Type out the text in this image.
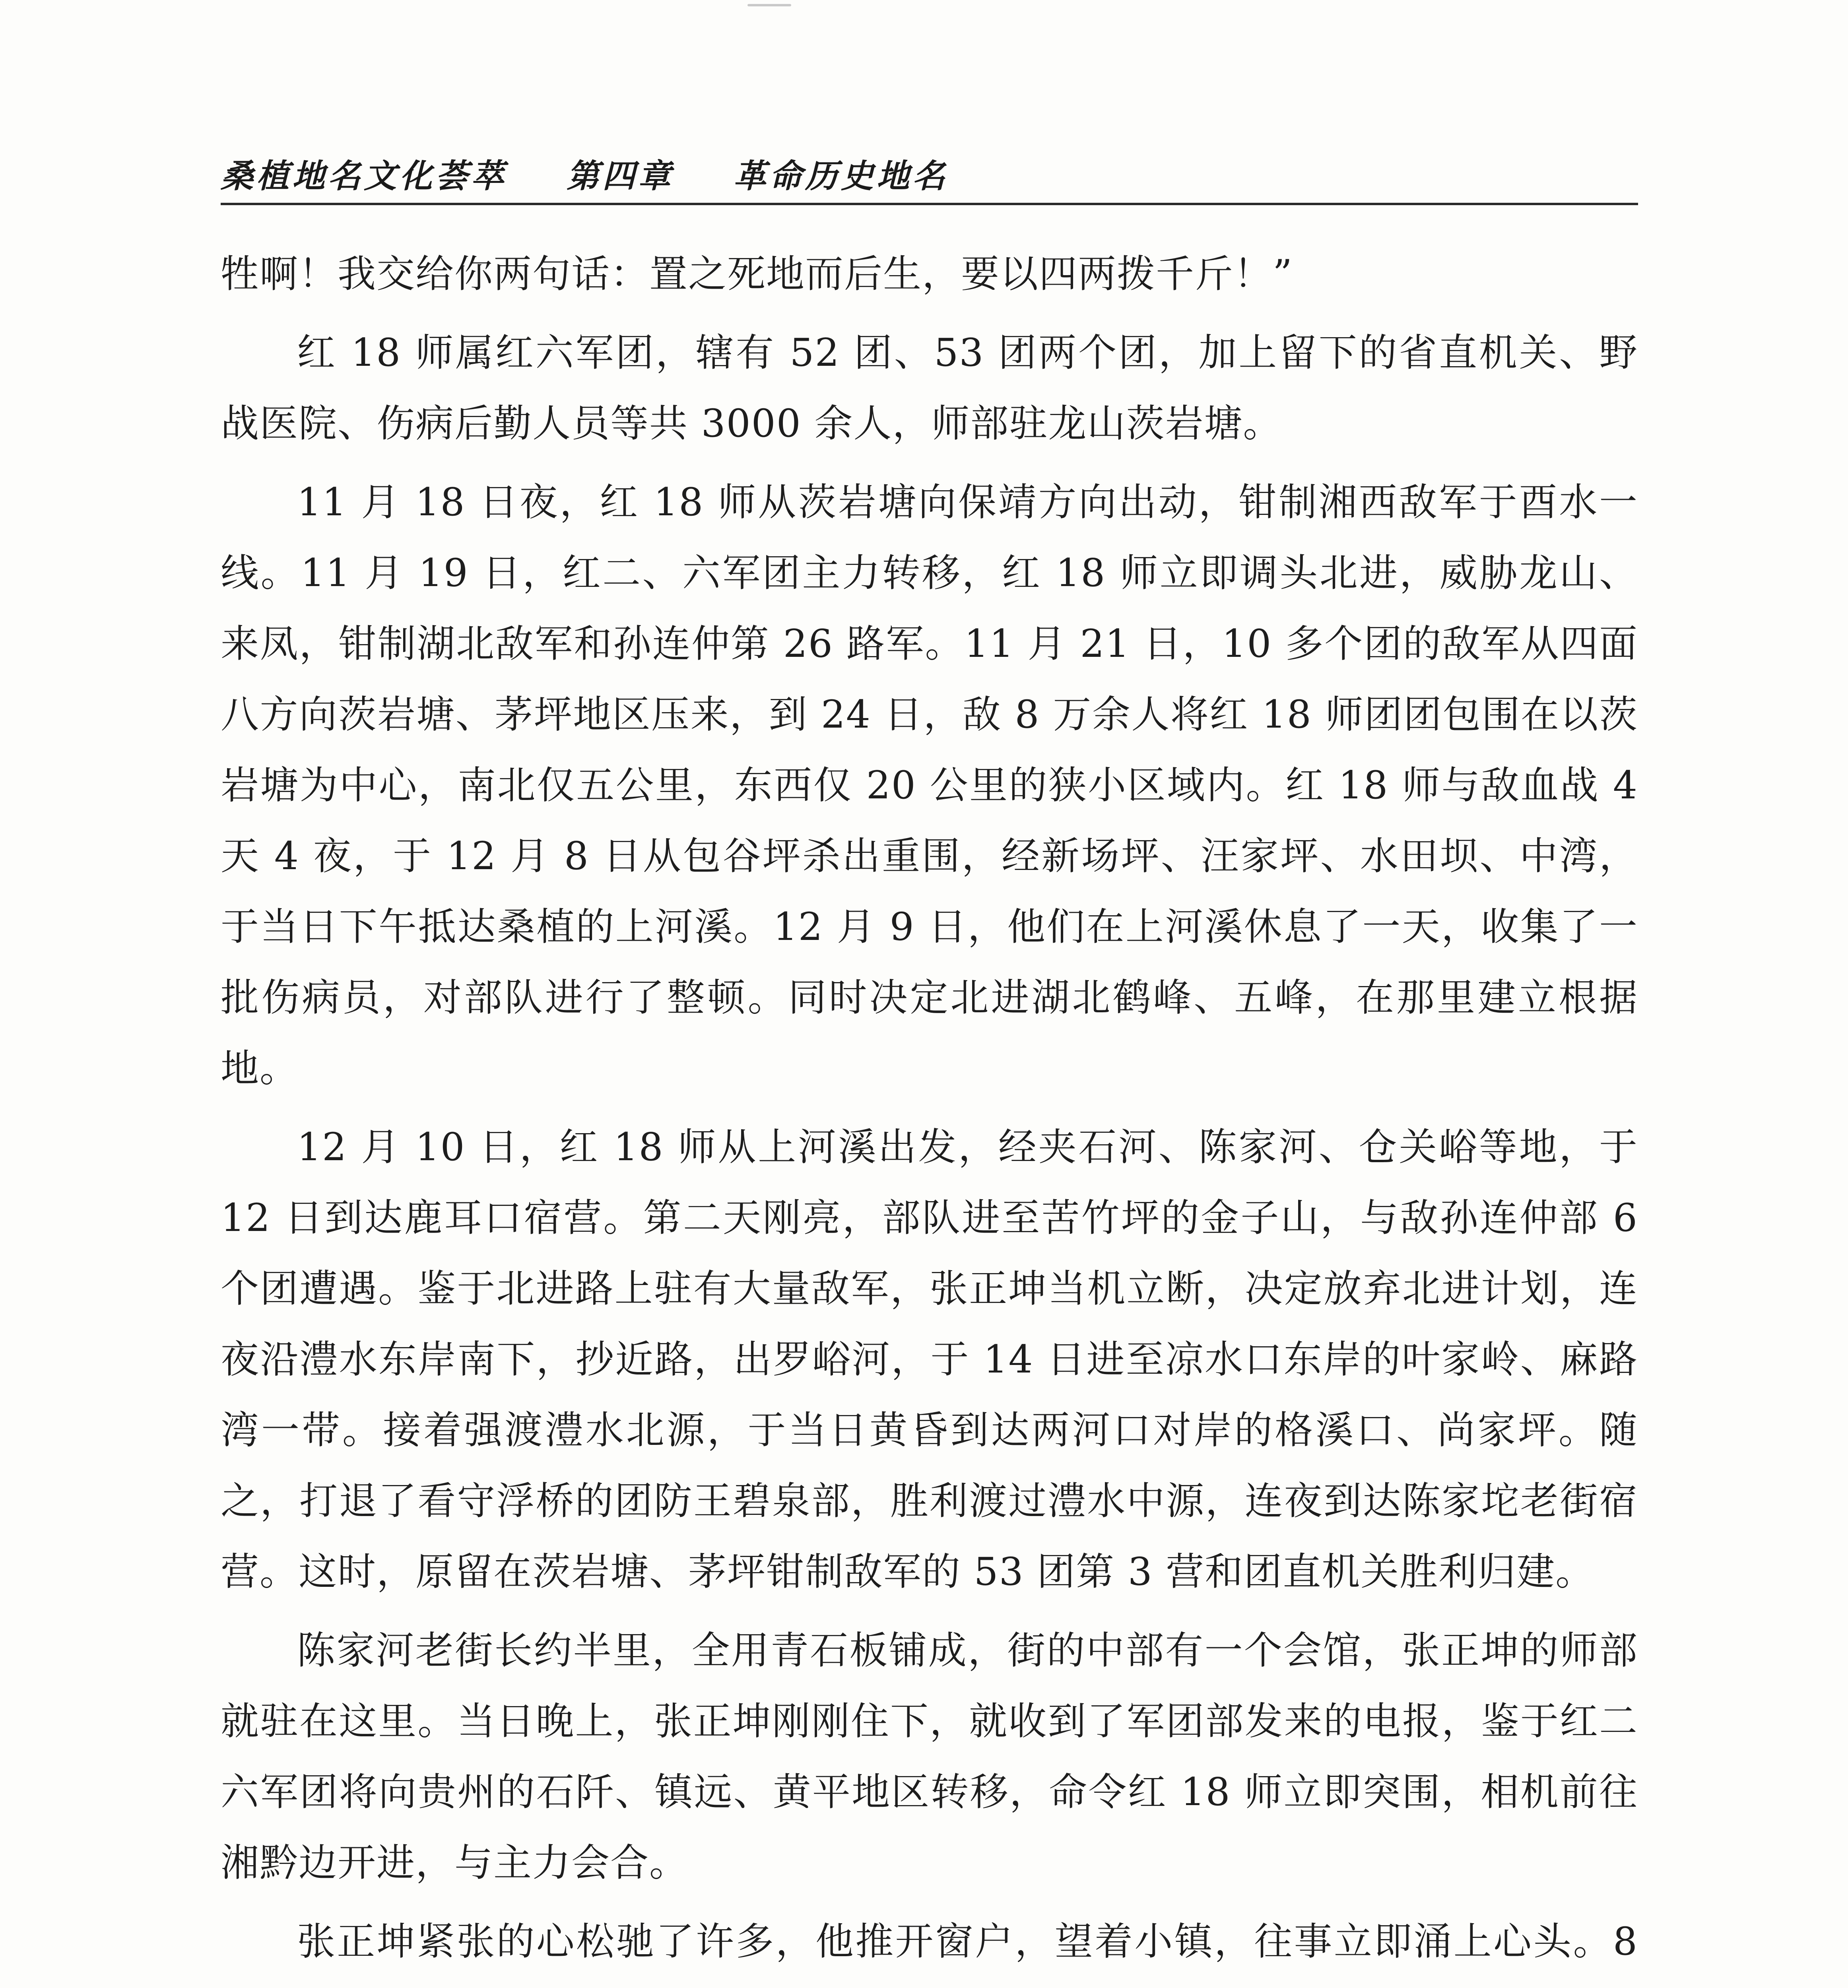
桑植地名文化荟萃 第四章 革命历史地名

牲啊！我交给你两句话：置之死地而后生，要以四两拨千斤！”

红 18 师属红六军团，辖有 52 团、53 团两个团，加上留下的省直机关、野战医院、伤病后勤人员等共 3000 余人，师部驻龙山茨岩塘。

11 月 18 日夜，红 18 师从茨岩塘向保靖方向出动，钳制湘西敌军于酉水一线。11 月 19 日，红二、六军团主力转移，红 18 师立即调头北进，威胁龙山、来凤，钳制湖北敌军和孙连仲第 26 路军。11 月 21 日，10 多个团的敌军从四面八方向茨岩塘、茅坪地区压来，到 24 日，敌 8 万余人将红 18 师团团包围在以茨岩塘为中心，南北仅五公里，东西仅 20 公里的狭小区域内。红 18 师与敌血战 4 天 4 夜，于 12 月 8 日从包谷坪杀出重围，经新场坪、汪家坪、水田坝、中湾，于当日下午抵达桑植的上河溪。12 月 9 日，他们在上河溪休息了一天，收集了一批伤病员，对部队进行了整顿。同时决定北进湖北鹤峰、五峰，在那里建立根据地。

12 月 10 日，红 18 师从上河溪出发，经夹石河、陈家河、仓关峪等地，于 12 日到达鹿耳口宿营。第二天刚亮，部队进至苦竹坪的金子山，与敌孙连仲部 6 个团遭遇。鉴于北进路上驻有大量敌军，张正坤当机立断，决定放弃北进计划，连夜沿澧水东岸南下，抄近路，出罗峪河，于 14 日进至凉水口东岸的叶家岭、麻路湾一带。接着强渡澧水北源，于当日黄昏到达两河口对岸的格溪口、尚家坪。随之，打退了看守浮桥的团防王碧泉部，胜利渡过澧水中源，连夜到达陈家坨老街宿营。这时，原留在茨岩塘、茅坪钳制敌军的 53 团第 3 营和团直机关胜利归建。

陈家河老街长约半里，全用青石板铺成，街的中部有一个会馆，张正坤的师部就驻在这里。当日晚上，张正坤刚刚住下，就收到了军团部发来的电报，鉴于红二六军团将向贵州的石阡、镇远、黄平地区转移，命令红 18 师立即突围，相机前往湘黔边开进，与主力会合。

张正坤紧张的心松驰了许多，他推开窗户，望着小镇，往事立即涌上心头。8
